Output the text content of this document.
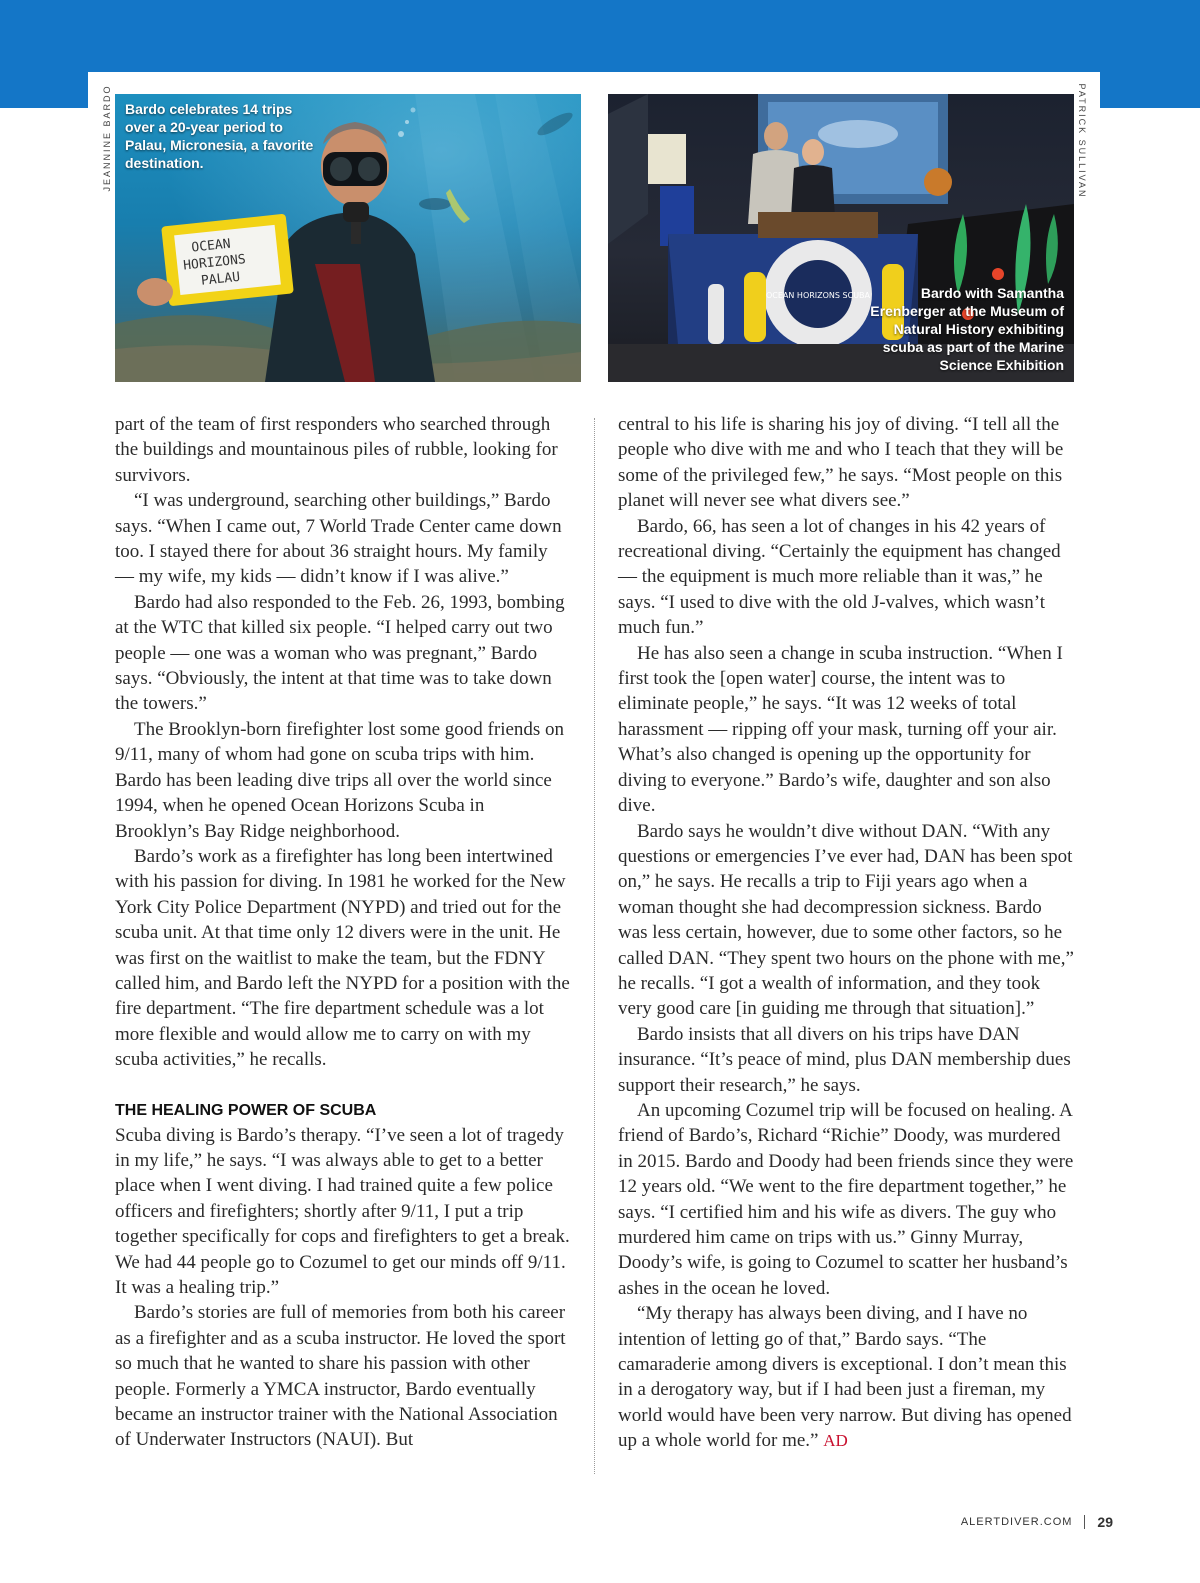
JEANNINE BARDO	PATRICK SULLIVAN
OCEAN
HORIZONS
PALAU
Bardo celebrates 14 trips over a 20-year period to Palau, Micronesia, a favorite destination.
OCEAN HORIZONS SCUBA	Bardo with Samantha Erenberger at the Museum of Natural History exhibiting scuba as part of the Marine Science Exhibition

part of the team of first responders who searched through the buildings and mountainous piles of rubble, looking for survivors.

“I was underground, searching other buildings,” Bardo says. “When I came out, 7 World Trade Center came down too. I stayed there for about 36 straight hours. My family — my wife, my kids — didn’t know if I was alive.”

Bardo had also responded to the Feb. 26, 1993, bombing at the WTC that killed six people. “I helped carry out two people — one was a woman who was pregnant,” Bardo says. “Obviously, the intent at that time was to take down the towers.”

The Brooklyn-born firefighter lost some good friends on 9/11, many of whom had gone on scuba trips with him. Bardo has been leading dive trips all over the world since 1994, when he opened Ocean Horizons Scuba in Brooklyn’s Bay Ridge neighborhood.

Bardo’s work as a firefighter has long been intertwined with his passion for diving. In 1981 he worked for the New York City Police Department (NYPD) and tried out for the scuba unit. At that time only 12 divers were in the unit. He was first on the waitlist to make the team, but the FDNY called him, and Bardo left the NYPD for a position with the fire department. “The fire department schedule was a lot more flexible and would allow me to carry on with my scuba activities,” he recalls.

THE HEALING POWER OF SCUBA

Scuba diving is Bardo’s therapy. “I’ve seen a lot of tragedy in my life,” he says. “I was always able to get to a better place when I went diving. I had trained quite a few police officers and firefighters; shortly after 9/11, I put a trip together specifically for cops and firefighters to get a break. We had 44 people go to Cozumel to get our minds off 9/11. It was a healing trip.”

Bardo’s stories are full of memories from both his career as a firefighter and as a scuba instructor. He loved the sport so much that he wanted to share his passion with other people. Formerly a YMCA instructor, Bardo eventually became an instructor trainer with the National Association of Underwater Instructors (NAUI). But

central to his life is sharing his joy of diving. “I tell all the people who dive with me and who I teach that they will be some of the privileged few,” he says. “Most people on this planet will never see what divers see.”

Bardo, 66, has seen a lot of changes in his 42 years of recreational diving. “Certainly the equipment has changed — the equipment is much more reliable than it was,” he says. “I used to dive with the old J-valves, which wasn’t much fun.”

He has also seen a change in scuba instruction. “When I first took the [open water] course, the intent was to eliminate people,” he says. “It was 12 weeks of total harassment — ripping off your mask, turning off your air. What’s also changed is opening up the opportunity for diving to everyone.” Bardo’s wife, daughter and son also dive.

Bardo says he wouldn’t dive without DAN. “With any questions or emergencies I’ve ever had, DAN has been spot on,” he says. He recalls a trip to Fiji years ago when a woman thought she had decompression sickness. Bardo was less certain, however, due to some other factors, so he called DAN. “They spent two hours on the phone with me,” he recalls. “I got a wealth of information, and they took very good care [in guiding me through that situation].”

Bardo insists that all divers on his trips have DAN insurance. “It’s peace of mind, plus DAN membership dues support their research,” he says.

An upcoming Cozumel trip will be focused on healing. A friend of Bardo’s, Richard “Richie” Doody, was murdered in 2015. Bardo and Doody had been friends since they were 12 years old. “We went to the fire department together,” he says. “I certified him and his wife as divers. The guy who murdered him came on trips with us.” Ginny Murray, Doody’s wife, is going to Cozumel to scatter her husband’s ashes in the ocean he loved.

“My therapy has always been diving, and I have no intention of letting go of that,” Bardo says. “The camaraderie among divers is exceptional. I don’t mean this in a derogatory way, but if I had been just a fireman, my world would have been very narrow. But diving has opened up a whole world for me.” AD

ALERTDIVER.COM 29
